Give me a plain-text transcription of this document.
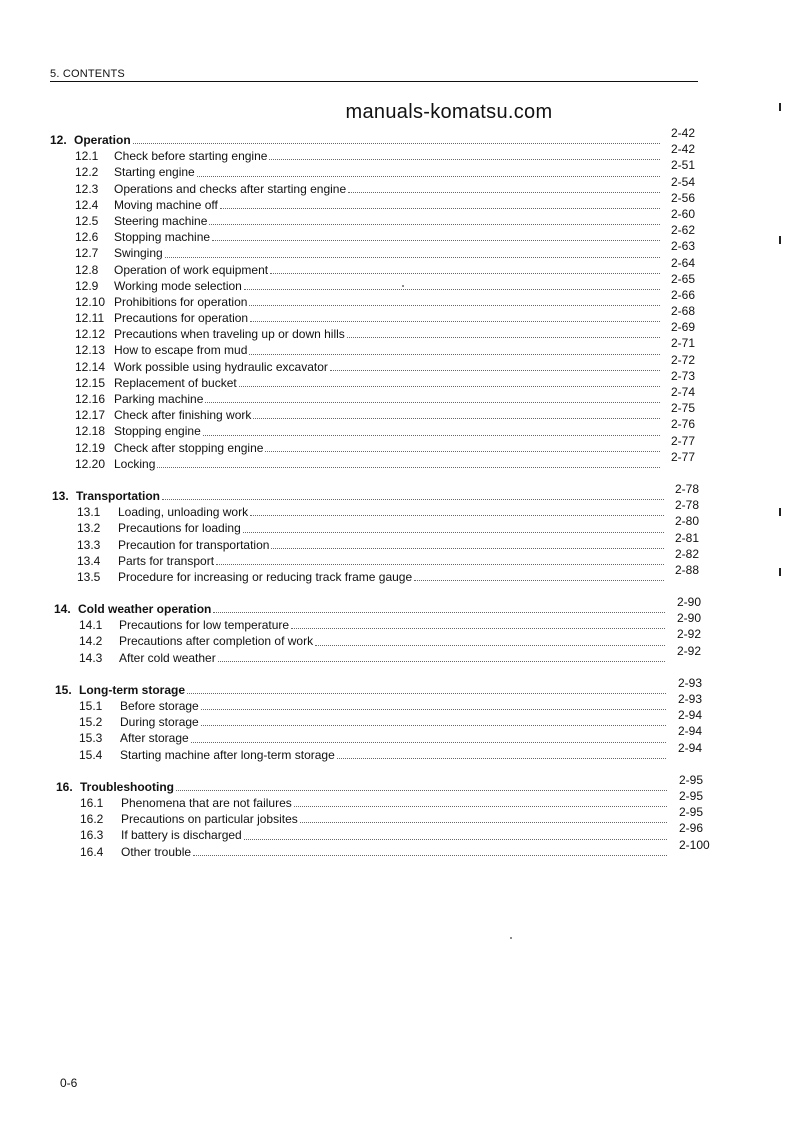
5. CONTENTS
manuals-komatsu.com
12. Operation	2-42
12.1 Check before starting engine	2-42
12.2 Starting engine	2-51
12.3 Operations and checks after starting engine	2-54
12.4 Moving machine off	2-56
12.5 Steering machine	2-60
12.6 Stopping machine	2-62
12.7 Swinging	2-63
12.8 Operation of work equipment	2-64
12.9 Working mode selection	2-65
12.10 Prohibitions for operation	2-66
12.11 Precautions for operation	2-68
12.12 Precautions when traveling up or down hills	2-69
12.13 How to escape from mud	2-71
12.14 Work possible using hydraulic excavator	2-72
12.15 Replacement of bucket	2-73
12.16 Parking machine	2-74
12.17 Check after finishing work	2-75
12.18 Stopping engine	2-76
12.19 Check after stopping engine	2-77
12.20 Locking	2-77
13. Transportation	2-78
13.1 Loading, unloading work	2-78
13.2 Precautions for loading	2-80
13.3 Precaution for transportation	2-81
13.4 Parts for transport	2-82
13.5 Procedure for increasing or reducing track frame gauge	2-88
14. Cold weather operation	2-90
14.1 Precautions for low temperature	2-90
14.2 Precautions after completion of work	2-92
14.3 After cold weather	2-92
15. Long-term storage	2-93
15.1 Before storage	2-93
15.2 During storage	2-94
15.3 After storage	2-94
15.4 Starting machine after long-term storage	2-94
16. Troubleshooting	2-95
16.1 Phenomena that are not failures	2-95
16.2 Precautions on particular jobsites	2-95
16.3 If battery is discharged	2-96
16.4 Other trouble	2-100
0-6
